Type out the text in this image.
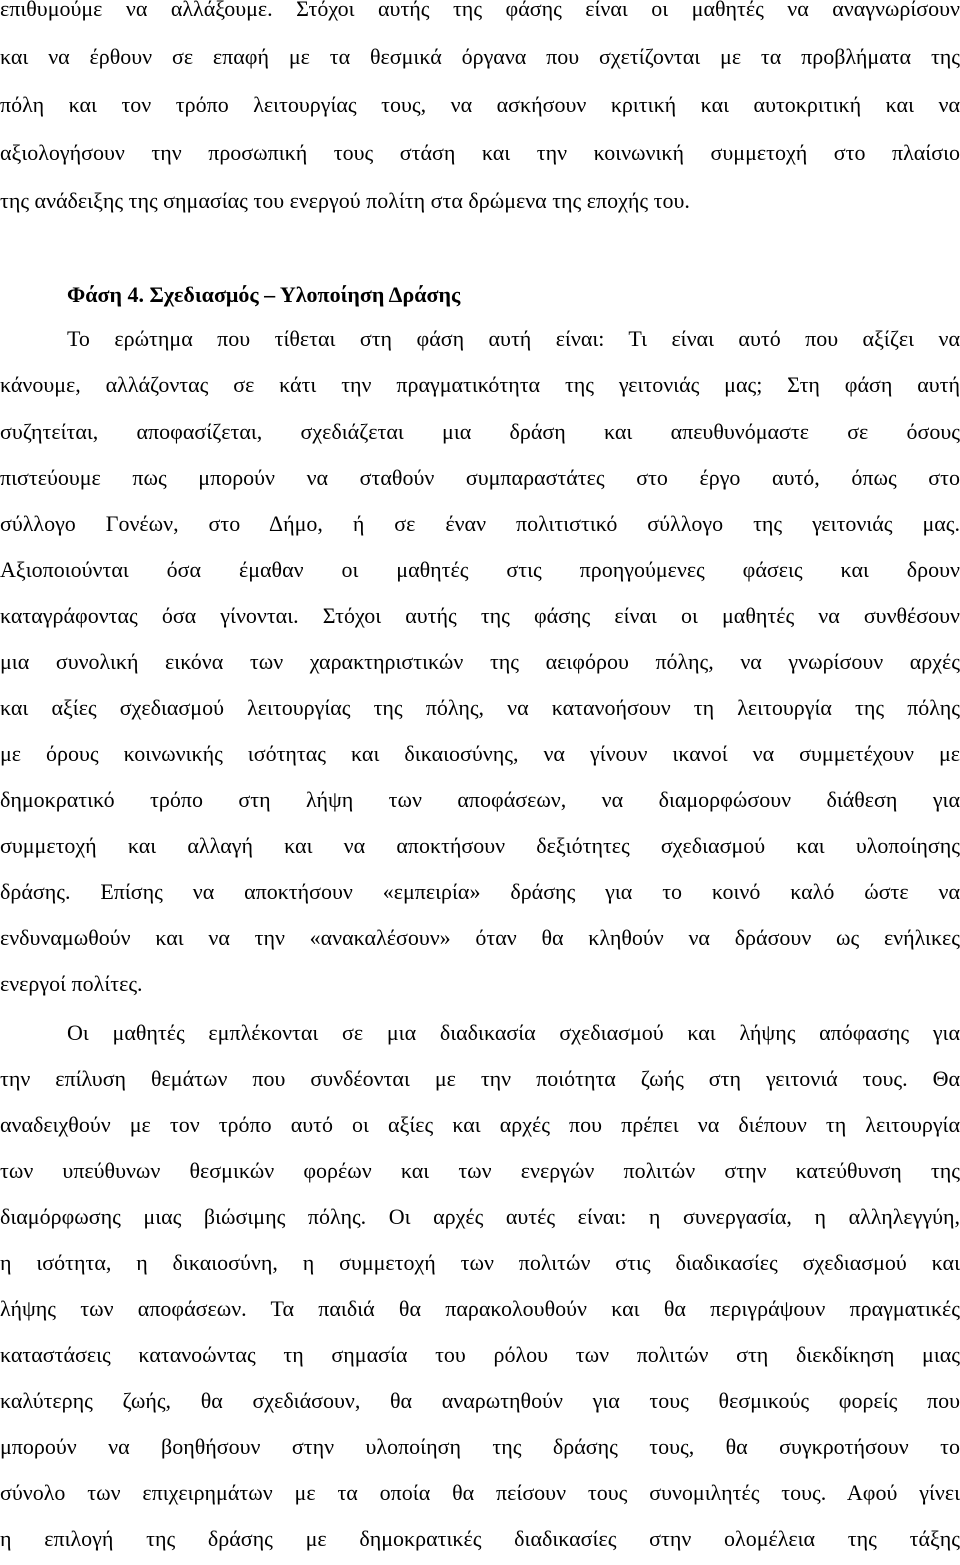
επιθυμούμε να αλλάξουμε. Στόχοι αυτής της φάσης είναι οι μαθητές να αναγνωρίσουν
και να έρθουν σε επαφή με τα θεσμικά όργανα που σχετίζονται με τα προβλήματα της
πόλη και τον τρόπο λειτουργίας τους, να ασκήσουν κριτική και αυτοκριτική και να
αξιολογήσουν την προσωπική τους στάση και την κοινωνική συμμετοχή στο πλαίσιο
της ανάδειξης της σημασίας του ενεργού πολίτη στα δρώμενα της εποχής του.
Φάση 4. Σχεδιασμός – Υλοποίηση Δράσης
Το ερώτημα που τίθεται στη φάση αυτή είναι: Τι είναι αυτό που αξίζει να
κάνουμε, αλλάζοντας σε κάτι την πραγματικότητα της γειτονιάς μας; Στη φάση αυτή
συζητείται, αποφασίζεται, σχεδιάζεται μια δράση και απευθυνόμαστε σε όσους
πιστεύουμε πως μπορούν να σταθούν συμπαραστάτες στο έργο αυτό, όπως στο
σύλλογο Γονέων, στο Δήμο, ή σε έναν πολιτιστικό σύλλογο της γειτονιάς μας.
Αξιοποιούνται όσα έμαθαν οι μαθητές στις προηγούμενες φάσεις και δρουν
καταγράφοντας όσα γίνονται. Στόχοι αυτής της φάσης είναι οι μαθητές να συνθέσουν
μια συνολική εικόνα των χαρακτηριστικών της αειφόρου πόλης, να γνωρίσουν αρχές
και αξίες σχεδιασμού λειτουργίας της πόλης, να κατανοήσουν τη λειτουργία της πόλης
με όρους κοινωνικής ισότητας και δικαιοσύνης, να γίνουν ικανοί να συμμετέχουν με
δημοκρατικό τρόπο στη λήψη των αποφάσεων, να διαμορφώσουν διάθεση για
συμμετοχή και αλλαγή και να αποκτήσουν δεξιότητες σχεδιασμού και υλοποίησης
δράσης. Επίσης να αποκτήσουν «εμπειρία» δράσης για το κοινό καλό ώστε να
ενδυναμωθούν και να την «ανακαλέσουν» όταν θα κληθούν να δράσουν ως ενήλικες
ενεργοί πολίτες.
Οι μαθητές εμπλέκονται σε μια διαδικασία σχεδιασμού και λήψης απόφασης για
την επίλυση θεμάτων που συνδέονται με την ποιότητα ζωής στη γειτονιά τους. Θα
αναδειχθούν με τον τρόπο αυτό οι αξίες και αρχές που πρέπει να διέπουν τη λειτουργία
των υπεύθυνων θεσμικών φορέων και των ενεργών πολιτών στην κατεύθυνση της
διαμόρφωσης μιας βιώσιμης πόλης. Οι αρχές αυτές είναι: η συνεργασία, η αλληλεγγύη,
η ισότητα, η δικαιοσύνη, η συμμετοχή των πολιτών στις διαδικασίες σχεδιασμού και
λήψης των αποφάσεων. Τα παιδιά θα παρακολουθούν και θα περιγράψουν πραγματικές
καταστάσεις κατανοώντας τη σημασία του ρόλου των πολιτών στη διεκδίκηση μιας
καλύτερης ζωής, θα σχεδιάσουν, θα αναρωτηθούν για τους θεσμικούς φορείς που
μπορούν να βοηθήσουν στην υλοποίηση της δράσης τους, θα συγκροτήσουν το
σύνολο των επιχειρημάτων με τα οποία θα πείσουν τους συνομιλητές τους. Αφού γίνει
η επιλογή της δράσης με δημοκρατικές διαδικασίες στην ολομέλεια της τάξης
